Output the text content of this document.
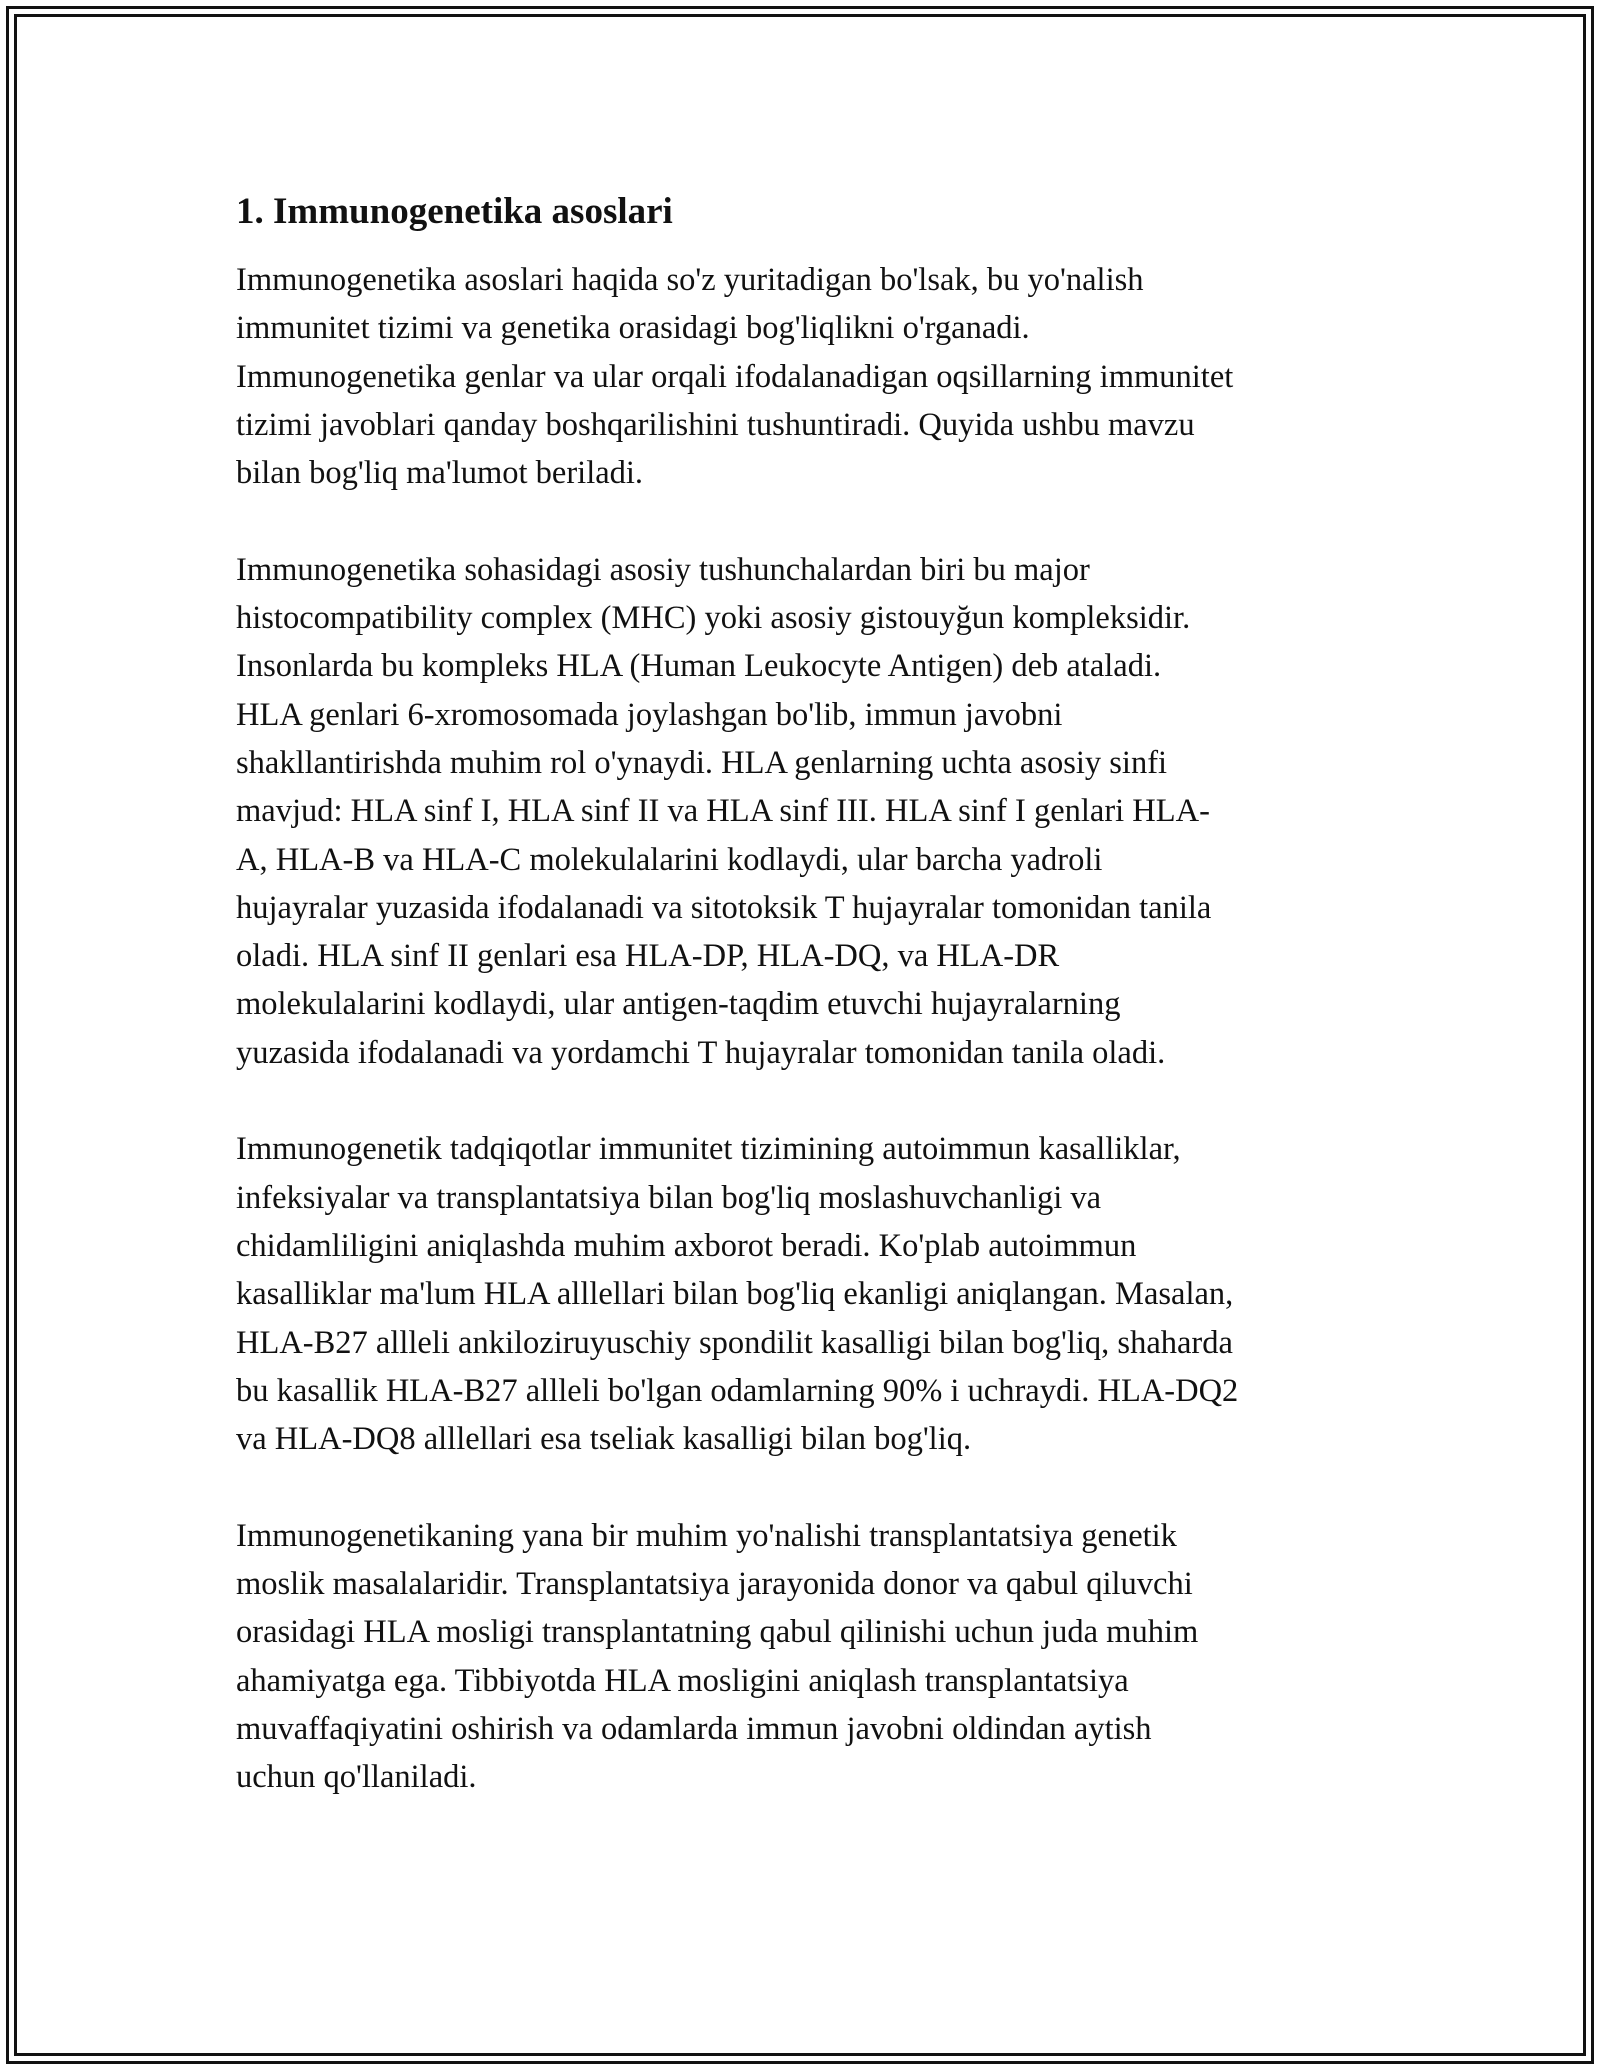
1. Immunogenetika asoslari

Immunogenetika asoslari haqida so'z yuritadigan bo'lsak, bu yo'nalish
immunitet tizimi va genetika orasidagi bog'liqlikni o'rganadi.
Immunogenetika genlar va ular orqali ifodalanadigan oqsillarning immunitet
tizimi javoblari qanday boshqarilishini tushuntiradi. Quyida ushbu mavzu
bilan bog'liq ma'lumot beriladi.

Immunogenetika sohasidagi asosiy tushunchalardan biri bu major
histocompatibility complex (MHC) yoki asosiy gistouyğun kompleksidir.
Insonlarda bu kompleks HLA (Human Leukocyte Antigen) deb ataladi.
HLA genlari 6-xromosomada joylashgan bo'lib, immun javobni
shakllantirishda muhim rol o'ynaydi. HLA genlarning uchta asosiy sinfi
mavjud: HLA sinf I, HLA sinf II va HLA sinf III. HLA sinf I genlari HLA-
A, HLA-B va HLA-C molekulalarini kodlaydi, ular barcha yadroli
hujayralar yuzasida ifodalanadi va sitotoksik T hujayralar tomonidan tanila
oladi. HLA sinf II genlari esa HLA-DP, HLA-DQ, va HLA-DR
molekulalarini kodlaydi, ular antigen-taqdim etuvchi hujayralarning
yuzasida ifodalanadi va yordamchi T hujayralar tomonidan tanila oladi.

Immunogenetik tadqiqotlar immunitet tizimining autoimmun kasalliklar,
infeksiyalar va transplantatsiya bilan bog'liq moslashuvchanligi va
chidamliligini aniqlashda muhim axborot beradi. Ko'plab autoimmun
kasalliklar ma'lum HLA alllellari bilan bog'liq ekanligi aniqlangan. Masalan,
HLA-B27 allleli ankiloziruyuschiy spondilit kasalligi bilan bog'liq, shaharda
bu kasallik HLA-B27 allleli bo'lgan odamlarning 90% i uchraydi. HLA-DQ2
va HLA-DQ8 alllellari esa tseliak kasalligi bilan bog'liq.

Immunogenetikaning yana bir muhim yo'nalishi transplantatsiya genetik
moslik masalalaridir. Transplantatsiya jarayonida donor va qabul qiluvchi
orasidagi HLA mosligi transplantatning qabul qilinishi uchun juda muhim
ahamiyatga ega. Tibbiyotda HLA mosligini aniqlash transplantatsiya
muvaffaqiyatini oshirish va odamlarda immun javobni oldindan aytish
uchun qo'llaniladi.
